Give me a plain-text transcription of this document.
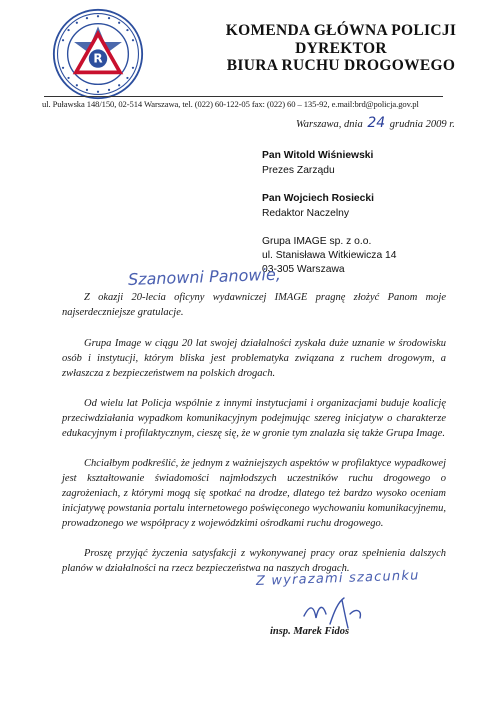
R
KOMENDA GŁÓWNA POLICJI
DYREKTOR
BIURA RUCHU DROGOWEGO
ul. Puławska 148/150, 02-514 Warszawa, tel. (022) 60-122-05 fax: (022) 60 – 135-92, e.mail:brd@policja.gov.pl
Warszawa, dnia 24 grudnia 2009 r.
Pan Witold Wiśniewski
Prezes Zarządu
Pan Wojciech Rosiecki
Redaktor Naczelny
Grupa IMAGE sp. z o.o.
ul. Stanisława Witkiewicza 14
03-305 Warszawa
Szanowni Panowie,

Z okazji 20-lecia oficyny wydawniczej IMAGE pragnę złożyć Panom moje najserdeczniejsze gratulacje.

Grupa Image w ciągu 20 lat swojej działalności zyskała duże uznanie w środowisku osób i instytucji, którym bliska jest problematyka związana z ruchem drogowym, a zwłaszcza z bezpieczeństwem na polskich drogach.

Od wielu lat Policja wspólnie z innymi instytucjami i organizacjami buduje koalicję przeciwdziałania wypadkom komunikacyjnym podejmując szereg inicjatyw o charakterze edukacyjnym i profilaktycznym, cieszę się, że w gronie tym znalazła się także Grupa Image.

Chciałbym podkreślić, że jednym z ważniejszych aspektów w profilaktyce wypadkowej jest kształtowanie świadomości najmłodszych uczestników ruchu drogowego o zagrożeniach, z którymi mogą się spotkać na drodze, dlatego też bardzo wysoko oceniam inicjatywę powstania portalu internetowego poświęconego wychowaniu komunikacyjnemu, prowadzonego we współpracy z wojewódzkimi ośrodkami ruchu drogowego.

Proszę przyjąć życzenia satysfakcji z wykonywanej pracy oraz spełnienia dalszych planów w działalności na rzecz bezpieczeństwa na naszych drogach.

Z wyrazami szacunku
insp. Marek Fidos
